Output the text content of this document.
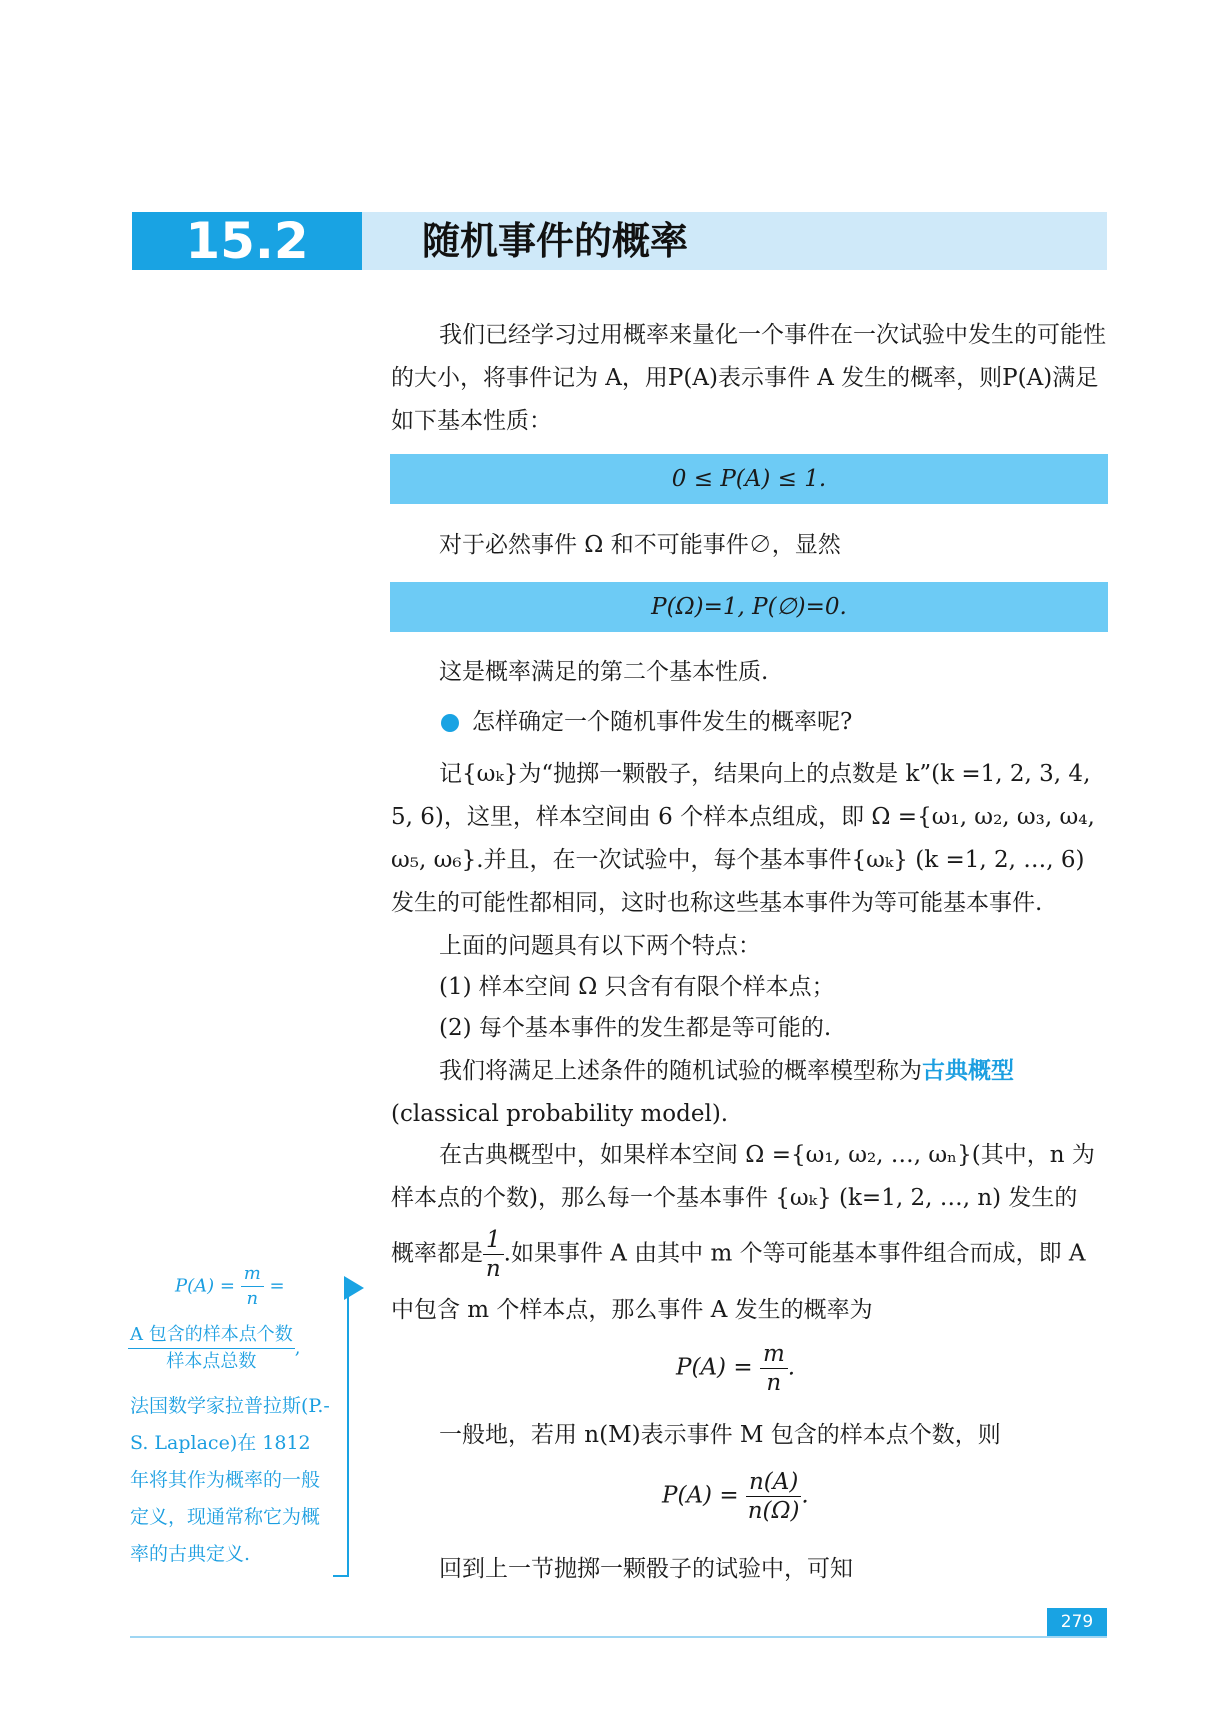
15.2	随机事件的概率

我们已经学习过用概率来量化一个事件在一次试验中发生的可能性的大小，将事件记为 A，用P(A)表示事件 A 发生的概率，则P(A)满足如下基本性质：

0 ≤ P(A) ≤ 1.

对于必然事件 Ω 和不可能事件∅，显然

P(Ω)=1, P(∅)=0.

这是概率满足的第二个基本性质.

怎样确定一个随机事件发生的概率呢?

记{ωₖ}为“抛掷一颗骰子，结果向上的点数是 k”(k =1, 2, 3, 4, 5, 6)，这里，样本空间由 6 个样本点组成，即 Ω ={ω₁, ω₂, ω₃, ω₄, ω₅, ω₆}.并且，在一次试验中，每个基本事件{ωₖ} (k =1, 2, …, 6)发生的可能性都相同，这时也称这些基本事件为等可能基本事件.

上面的问题具有以下两个特点：

(1) 样本空间 Ω 只含有有限个样本点；

(2) 每个基本事件的发生都是等可能的.

我们将满足上述条件的随机试验的概率模型称为古典概型(classical probability model).

在古典概型中，如果样本空间 Ω ={ω₁, ω₂, …, ωₙ}(其中，n 为样本点的个数)，那么每一个基本事件 {ωₖ} (k=1, 2, …, n) 发生的

概率都是 $\frac{1}{n}$ .如果事件 A 由其中 m 个等可能基本事件组合而成，即 A

中包含 m 个样本点，那么事件 A 发生的概率为

$P(A) = \frac{m}{n}$ .

一般地，若用 n(M)表示事件 M 包含的样本点个数，则

$P(A) = \frac{n(A)}{n(\Omega)}$ .

回到上一节抛掷一颗骰子的试验中，可知

$P(A) = \frac{m}{n}$ =
$\frac{\text{A 包含的样本点个数}}{\text{样本点总数}}$ ,
法国数学家拉普拉斯(P.-S. Laplace)在 1812 年将其作为概率的一般定义，现通常称它为概率的古典定义.
279
